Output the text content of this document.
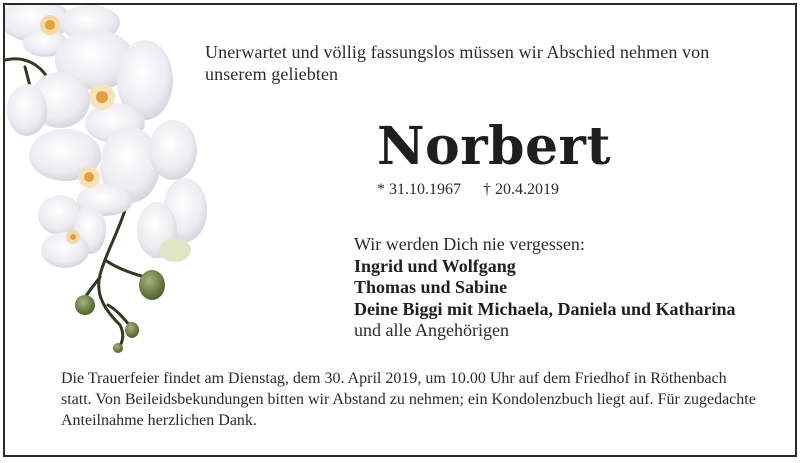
Unerwartet und völlig fassungslos müssen wir Abschied nehmen von unserem geliebten

Norbert
* 31.10.1967 † 20.4.2019
Wir werden Dich nie vergessen:
Ingrid und Wolfgang
Thomas und Sabine
Deine Biggi mit Michaela, Daniela und Katharina
und alle Angehörigen

Die Trauerfeier findet am Dienstag, dem 30. April 2019, um 10.00 Uhr auf dem Friedhof in Röthenbach statt. Von Beileidsbekundungen bitten wir Abstand zu nehmen; ein Kondolenzbuch liegt auf. Für zugedachte Anteilnahme herzlichen Dank.
